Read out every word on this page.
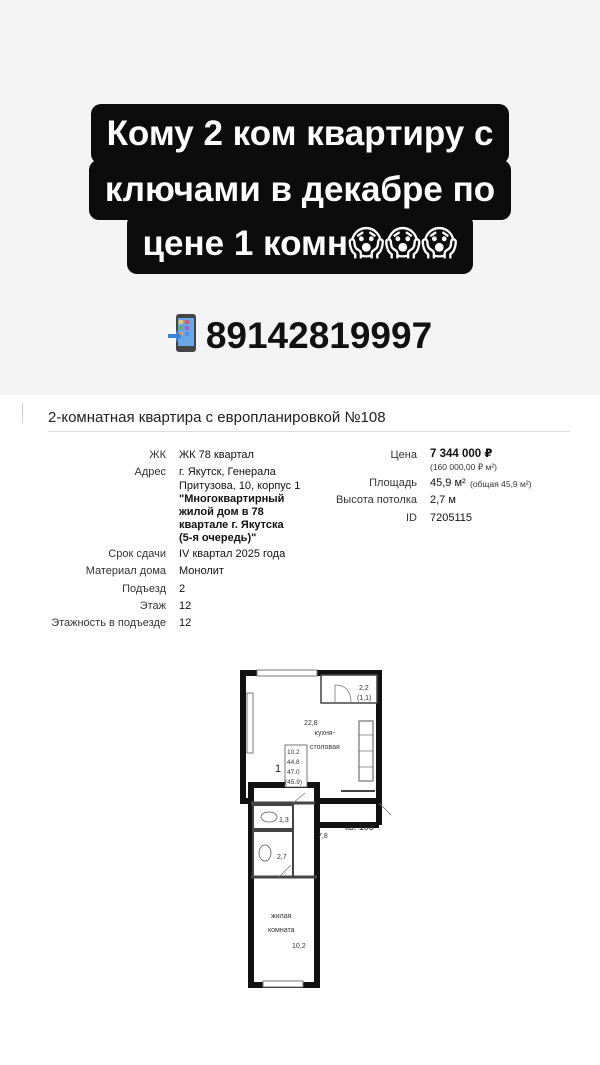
Кому 2 ком квартиру с
ключами в декабре по
цене 1 комн😱😱😱
89142819997
2-комнатная квартира с европланировкой №108
ЖК ЖК 78 квартал
Адрес г. Якутск, Генерала
Притузова, 10, корпус 1
"Многоквартирный
жилой дом в 78
квартале г. Якутска
(5-я очередь)"
Срок сдачи IV квартал 2025 года
Материал дома Монолит
Подъезд 2
Этаж 12
Этажность в подъезде 12
Цена 7 344 000 ₽
(160 000,00 ₽ м²)
Площадь 45,9 м² (общая 45,9 м²)
Высота потолка 2,7 м
ID 7205115
2,2
(1,1)
22,8
кухня-
столовая
1
10.2
44.8
47.0
(45.9)
1,3
7,8
кв. 108
2,7
жилая
комната
10,2
